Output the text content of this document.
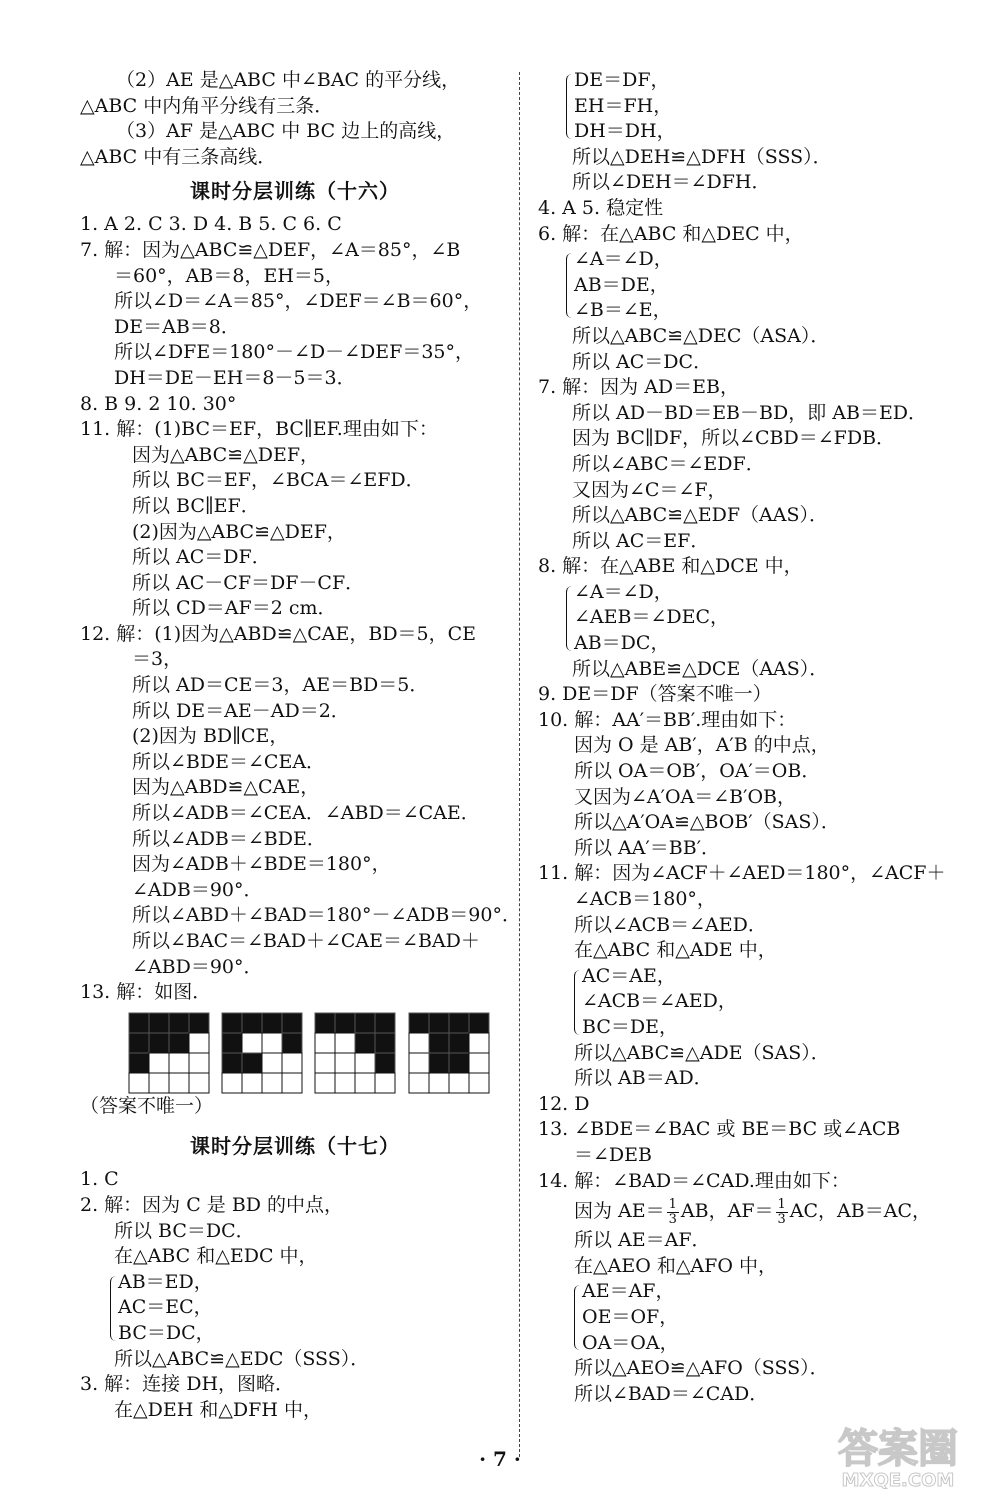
（2）AE 是△ABC 中∠BAC 的平分线，
△ABC 中内角平分线有三条．
（3）AF 是△ABC 中 BC 边上的高线，
△ABC 中有三条高线．
课时分层训练（十六）
1. A 2. C 3. D 4. B 5. C 6. C
7. 解：因为△ABC≌△DEF，∠A＝85°，∠B
＝60°，AB＝8，EH＝5，
所以∠D＝∠A＝85°，∠DEF＝∠B＝60°，
DE＝AB＝8．
所以∠DFE＝180°－∠D－∠DEF＝35°，
DH＝DE－EH＝8－5＝3．
8. B 9. 2 10. 30°
11. 解：(1)BC＝EF，BC∥EF.理由如下：
因为△ABC≌△DEF，
所以 BC＝EF，∠BCA＝∠EFD．
所以 BC∥EF．
(2)因为△ABC≌△DEF，
所以 AC＝DF．
所以 AC－CF＝DF－CF．
所以 CD＝AF＝2 cm．
12. 解：(1)因为△ABD≌△CAE，BD＝5，CE
＝3，
所以 AD＝CE＝3，AE＝BD＝5．
所以 DE＝AE－AD＝2．
(2)因为 BD∥CE，
所以∠BDE＝∠CEA．
因为△ABD≌△CAE，
所以∠ADB＝∠CEA．∠ABD＝∠CAE．
所以∠ADB＝∠BDE．
因为∠ADB＋∠BDE＝180°，
∠ADB＝90°．
所以∠ABD＋∠BAD＝180°－∠ADB＝90°．
所以∠BAC＝∠BAD＋∠CAE＝∠BAD＋
∠ABD＝90°．
13. 解：如图．
（答案不唯一）
课时分层训练（十七）
1. C
2. 解：因为 C 是 BD 的中点，
所以 BC＝DC．
在△ABC 和△EDC 中，
AB＝ED，
AC＝EC，
BC＝DC，
所以△ABC≌△EDC（SSS）．
3. 解：连接 DH，图略．
在△DEH 和△DFH 中，
DE＝DF，
EH＝FH，
DH＝DH，
所以△DEH≌△DFH（SSS）．
所以∠DEH＝∠DFH．
4. A 5. 稳定性
6. 解：在△ABC 和△DEC 中，
∠A＝∠D，
AB＝DE，
∠B＝∠E，
所以△ABC≌△DEC（ASA）．
所以 AC＝DC．
7. 解：因为 AD＝EB，
所以 AD－BD＝EB－BD，即 AB＝ED．
因为 BC∥DF，所以∠CBD＝∠FDB．
所以∠ABC＝∠EDF．
又因为∠C＝∠F，
所以△ABC≌△EDF（AAS）．
所以 AC＝EF．
8. 解：在△ABE 和△DCE 中，
∠A＝∠D，
∠AEB＝∠DEC，
AB＝DC，
所以△ABE≌△DCE（AAS）．
9. DE＝DF（答案不唯一）
10. 解：AA′＝BB′.理由如下：
因为 O 是 AB′，A′B 的中点，
所以 OA＝OB′，OA′＝OB．
又因为∠A′OA＝∠B′OB，
所以△A′OA≌△BOB′（SAS）．
所以 AA′＝BB′．
11. 解：因为∠ACF＋∠AED＝180°，∠ACF＋
∠ACB＝180°，
所以∠ACB＝∠AED．
在△ABC 和△ADE 中，
AC＝AE，
∠ACB＝∠AED，
BC＝DE，
所以△ABC≌△ADE（SAS）．
所以 AB＝AD．
12. D
13. ∠BDE＝∠BAC 或 BE＝BC 或∠ACB
＝∠DEB
14. 解：∠BAD＝∠CAD.理由如下：
因为 $AE= \frac{1}{3}$ AB，$AF= \frac{1}{3}$ AC，AB＝AC，
所以 AE＝AF．
在△AEO 和△AFO 中，
AE＝AF，
OE＝OF，
OA＝OA，
所以△AEO≌△AFO（SSS）．
所以∠BAD＝∠CAD．
· 7 ·	答案圈
MXQE.COM
